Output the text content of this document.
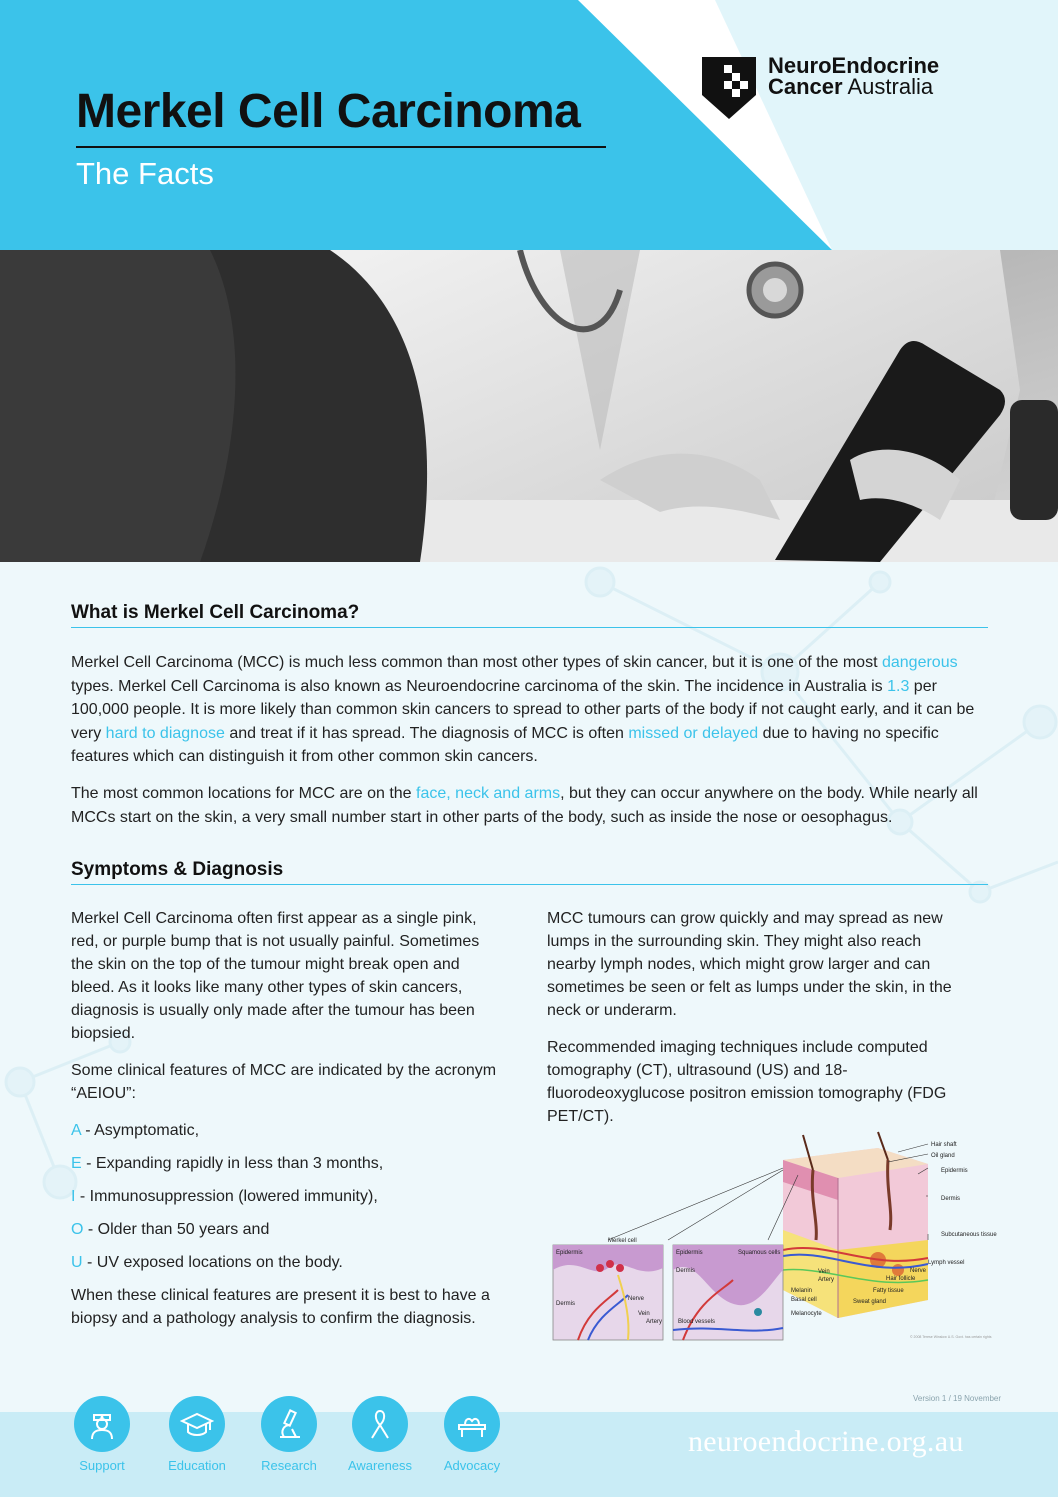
Merkel Cell Carcinoma
The Facts
NeuroEndocrine
Cancer Australia
What is Merkel Cell Carcinoma?
Merkel Cell Carcinoma (MCC) is much less common than most other types of skin cancer, but it is one of the most dangerous types. Merkel Cell Carcinoma is also known as Neuroendocrine carcinoma of the skin. The incidence in Australia is 1.3 per 100,000 people. It is more likely than common skin cancers to spread to other parts of the body if not caught early, and it can be very hard to diagnose and treat if it has spread. The diagnosis of MCC is often missed or delayed due to having no specific features which can distinguish it from other common skin cancers.
The most common locations for MCC are on the face, neck and arms, but they can occur anywhere on the body. While nearly all MCCs start on the skin, a very small number start in other parts of the body, such as inside the nose or oesophagus.
Symptoms & Diagnosis

Merkel Cell Carcinoma often first appear as a single pink, red, or purple bump that is not usually painful. Sometimes the skin on the top of the tumour might break open and bleed. As it looks like many other types of skin cancers, diagnosis is usually only made after the tumour has been biopsied.

Some clinical features of MCC are indicated by the acronym “AEIOU”:

A - Asymptomatic,
E - Expanding rapidly in less than 3 months,
I - Immunosuppression (lowered immunity),
O - Older than 50 years and
U - UV exposed locations on the body.

When these clinical features are present it is best to have a biopsy and a pathology analysis to confirm the diagnosis.

MCC tumours can grow quickly and may spread as new lumps in the surrounding skin. They might also reach nearby lymph nodes, which might grow larger and can sometimes be seen or felt as lumps under the skin, in the neck or underarm.

Recommended imaging techniques include computed tomography (CT), ultrasound (US) and 18-fluorodeoxyglucose positron emission tomography (FDG PET/CT).

Hair shaft
Oil gland
Epidermis
Dermis
Subcutaneous tissue
Lymph vessel
Nerve
Hair follicle
Fatty tissue
Sweat gland
Vein
Artery
Melanin
Basal cell
Melanocyte
Merkel cell
Epidermis
Dermis
Nerve
Vein
Artery
Epidermis
Dermis
Squamous cells
Blood vessels
© 2008 Terese Winslow U.S. Govt. has certain rights
Version 1 / 19 November
Support	Education	Research	Awareness	Advocacy
neuroendocrine.org.au
